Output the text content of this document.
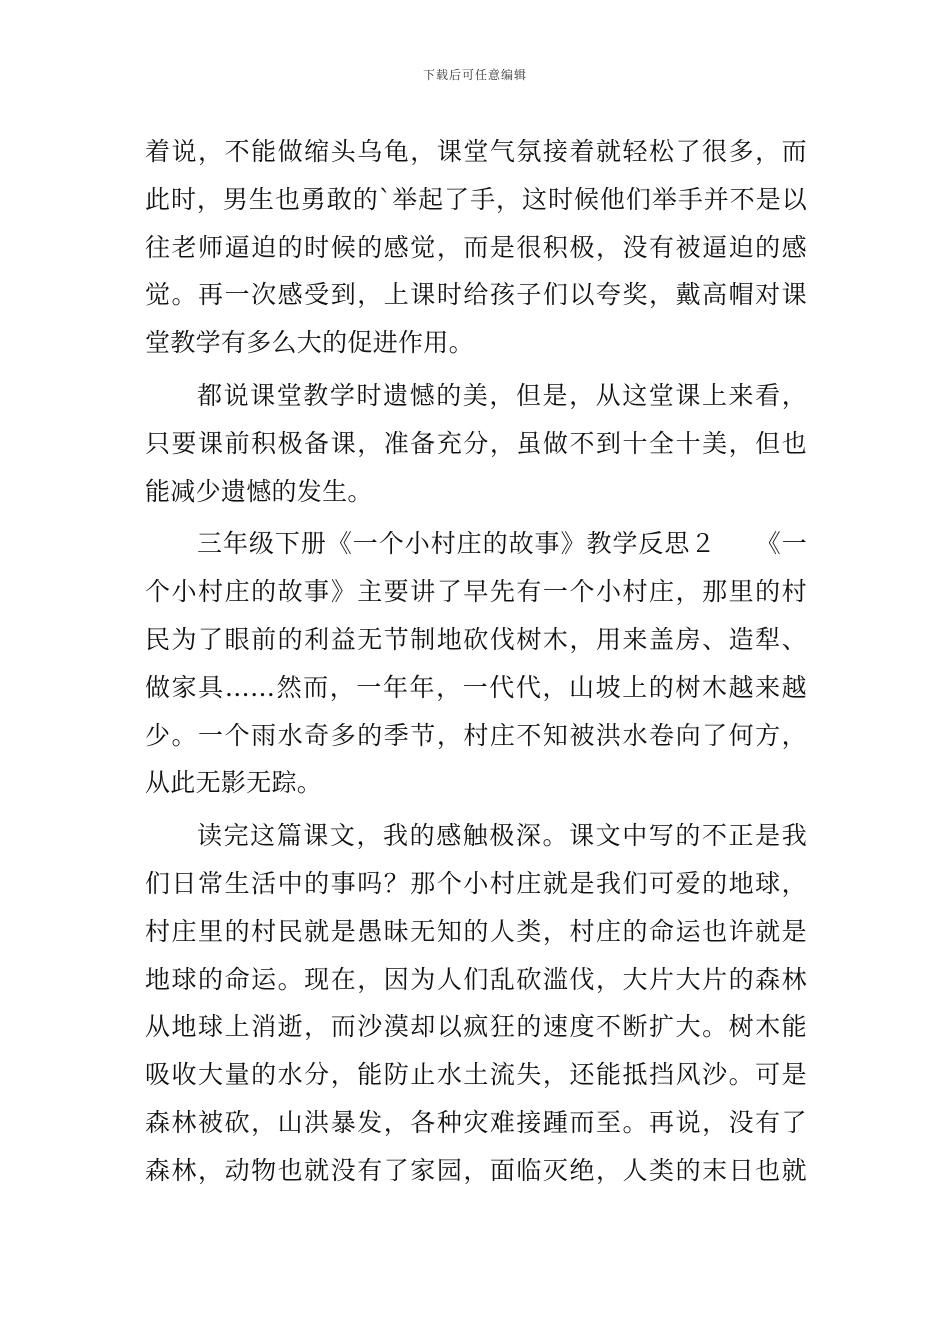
下载后可任意编辑
着说，不能做缩头乌龟，课堂气氛接着就轻松了很多，而
此时，男生也勇敢的`举起了手，这时候他们举手并不是以
往老师逼迫的时候的感觉，而是很积极，没有被逼迫的感
觉。再一次感受到，上课时给孩子们以夸奖，戴高帽对课
堂教学有多么大的促进作用。
都说课堂教学时遗憾的美，但是，从这堂课上来看，
只要课前积极备课，准备充分，虽做不到十全十美，但也
能减少遗憾的发生。
三年级下册《一个小村庄的故事》教学反思２　　《一
个小村庄的故事》主要讲了早先有一个小村庄，那里的村
民为了眼前的利益无节制地砍伐树木，用来盖房、造犁、
做家具……然而，一年年，一代代，山坡上的树木越来越
少。一个雨水奇多的季节，村庄不知被洪水卷向了何方，
从此无影无踪。
读完这篇课文，我的感触极深。课文中写的不正是我
们日常生活中的事吗？那个小村庄就是我们可爱的地球，
村庄里的村民就是愚昧无知的人类，村庄的命运也许就是
地球的命运。现在，因为人们乱砍滥伐，大片大片的森林
从地球上消逝，而沙漠却以疯狂的速度不断扩大。树木能
吸收大量的水分，能防止水土流失，还能抵挡风沙。可是
森林被砍，山洪暴发，各种灾难接踵而至。再说，没有了
森林，动物也就没有了家园，面临灭绝，人类的末日也就
